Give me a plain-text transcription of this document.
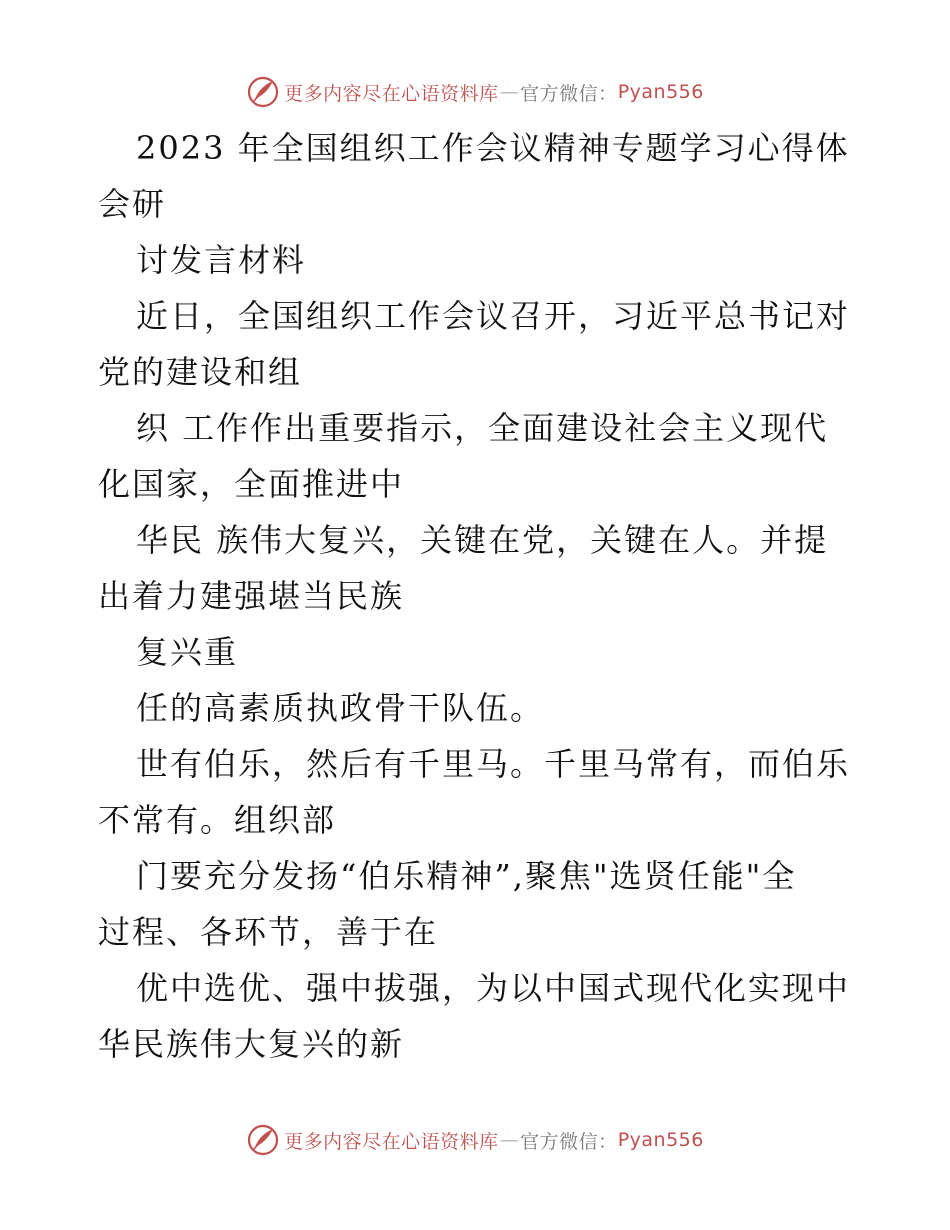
更多内容尽在心语资料库 — 官方微信： Pyan556
2023 年全国组织工作会议精神专题学习心得体
会研
讨发言材料
近日，全国组织工作会议召开，习近平总书记对
党的建设和组
织 工作作出重要指示，全面建设社会主义现代
化国家，全面推进中
华民 族伟大复兴，关键在党，关键在人。并提
出着力建强堪当民族
复兴重
任的高素质执政骨干队伍。
世有伯乐，然后有千里马。千里马常有，而伯乐
不常有。组织部
门要充分发扬“伯乐精神”,聚焦"选贤任能"全
过程、各环节，善于在
优中选优、强中拔强，为以中国式现代化实现中
华民族伟大复兴的新
更多内容尽在心语资料库 — 官方微信： Pyan556
